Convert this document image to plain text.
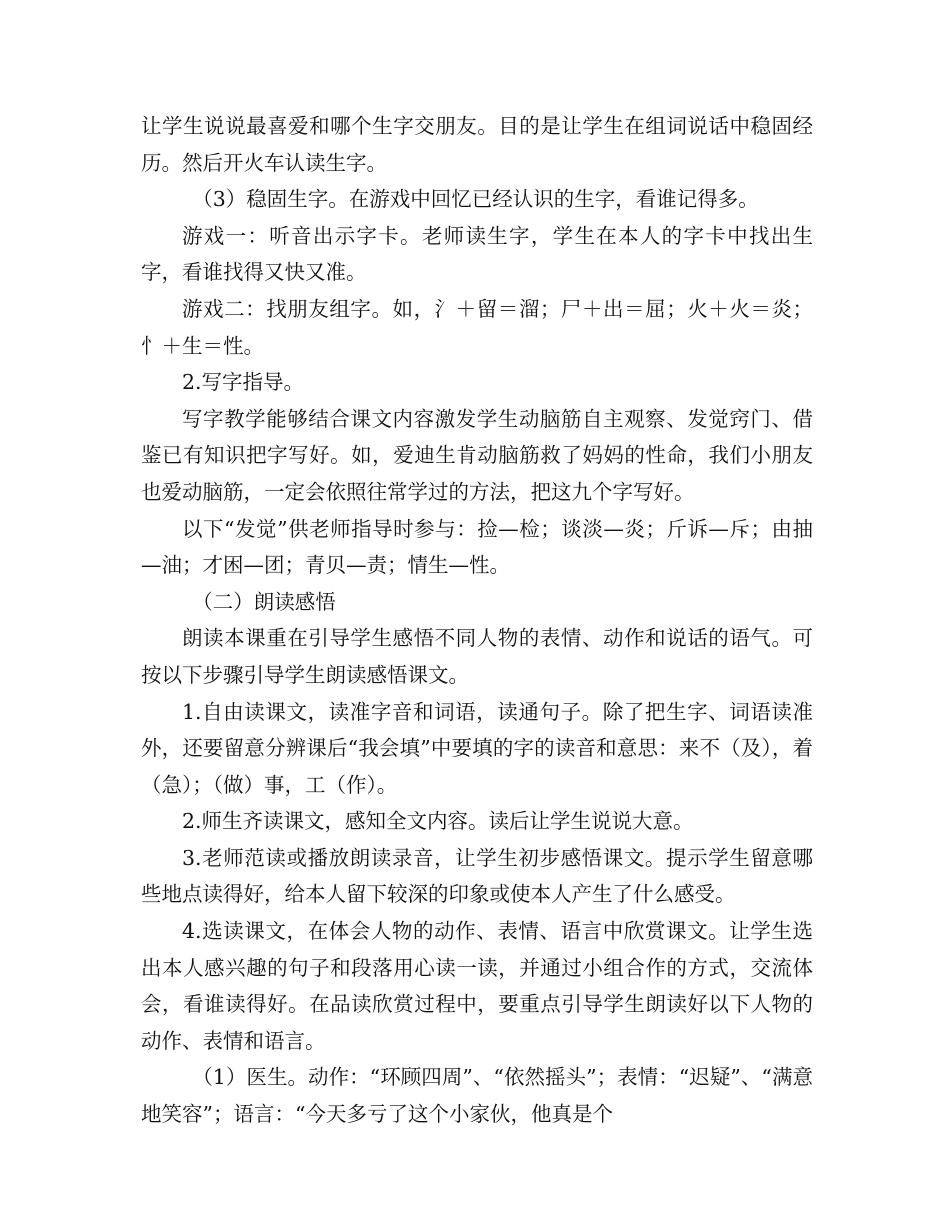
让学生说说最喜爱和哪个生字交朋友。目的是让学生在组词说话中稳固经历。然后开火车认读生字。

（3）稳固生字。在游戏中回忆已经认识的生字，看谁记得多。

游戏一：听音出示字卡。老师读生字，学生在本人的字卡中找出生字，看谁找得又快又准。

游戏二：找朋友组字。如，氵＋留＝溜；尸＋出＝屈；火＋火＝炎；忄＋生＝性。

2.写字指导。

写字教学能够结合课文内容激发学生动脑筋自主观察、发觉窍门、借鉴已有知识把字写好。如，爱迪生肯动脑筋救了妈妈的性命，我们小朋友也爱动脑筋，一定会依照往常学过的方法，把这九个字写好。

以下“发觉”供老师指导时参与：捡—检；谈淡—炎；斤诉—斥；由抽—油；才困—团；青贝—责；情生—性。

（二）朗读感悟

朗读本课重在引导学生感悟不同人物的表情、动作和说话的语气。可按以下步骤引导学生朗读感悟课文。

1.自由读课文，读准字音和词语，读通句子。除了把生字、词语读准外，还要留意分辨课后“我会填”中要填的字的读音和意思：来不（及），着（急）；（做）事，工（作）。

2.师生齐读课文，感知全文内容。读后让学生说说大意。

3.老师范读或播放朗读录音，让学生初步感悟课文。提示学生留意哪些地点读得好，给本人留下较深的印象或使本人产生了什么感受。

4.选读课文，在体会人物的动作、表情、语言中欣赏课文。让学生选出本人感兴趣的句子和段落用心读一读，并通过小组合作的方式，交流体会，看谁读得好。在品读欣赏过程中，要重点引导学生朗读好以下人物的动作、表情和语言。

（1）医生。动作：“环顾四周”、“依然摇头”；表情：“迟疑”、“满意地笑容”；语言：“今天多亏了这个小家伙，他真是个
